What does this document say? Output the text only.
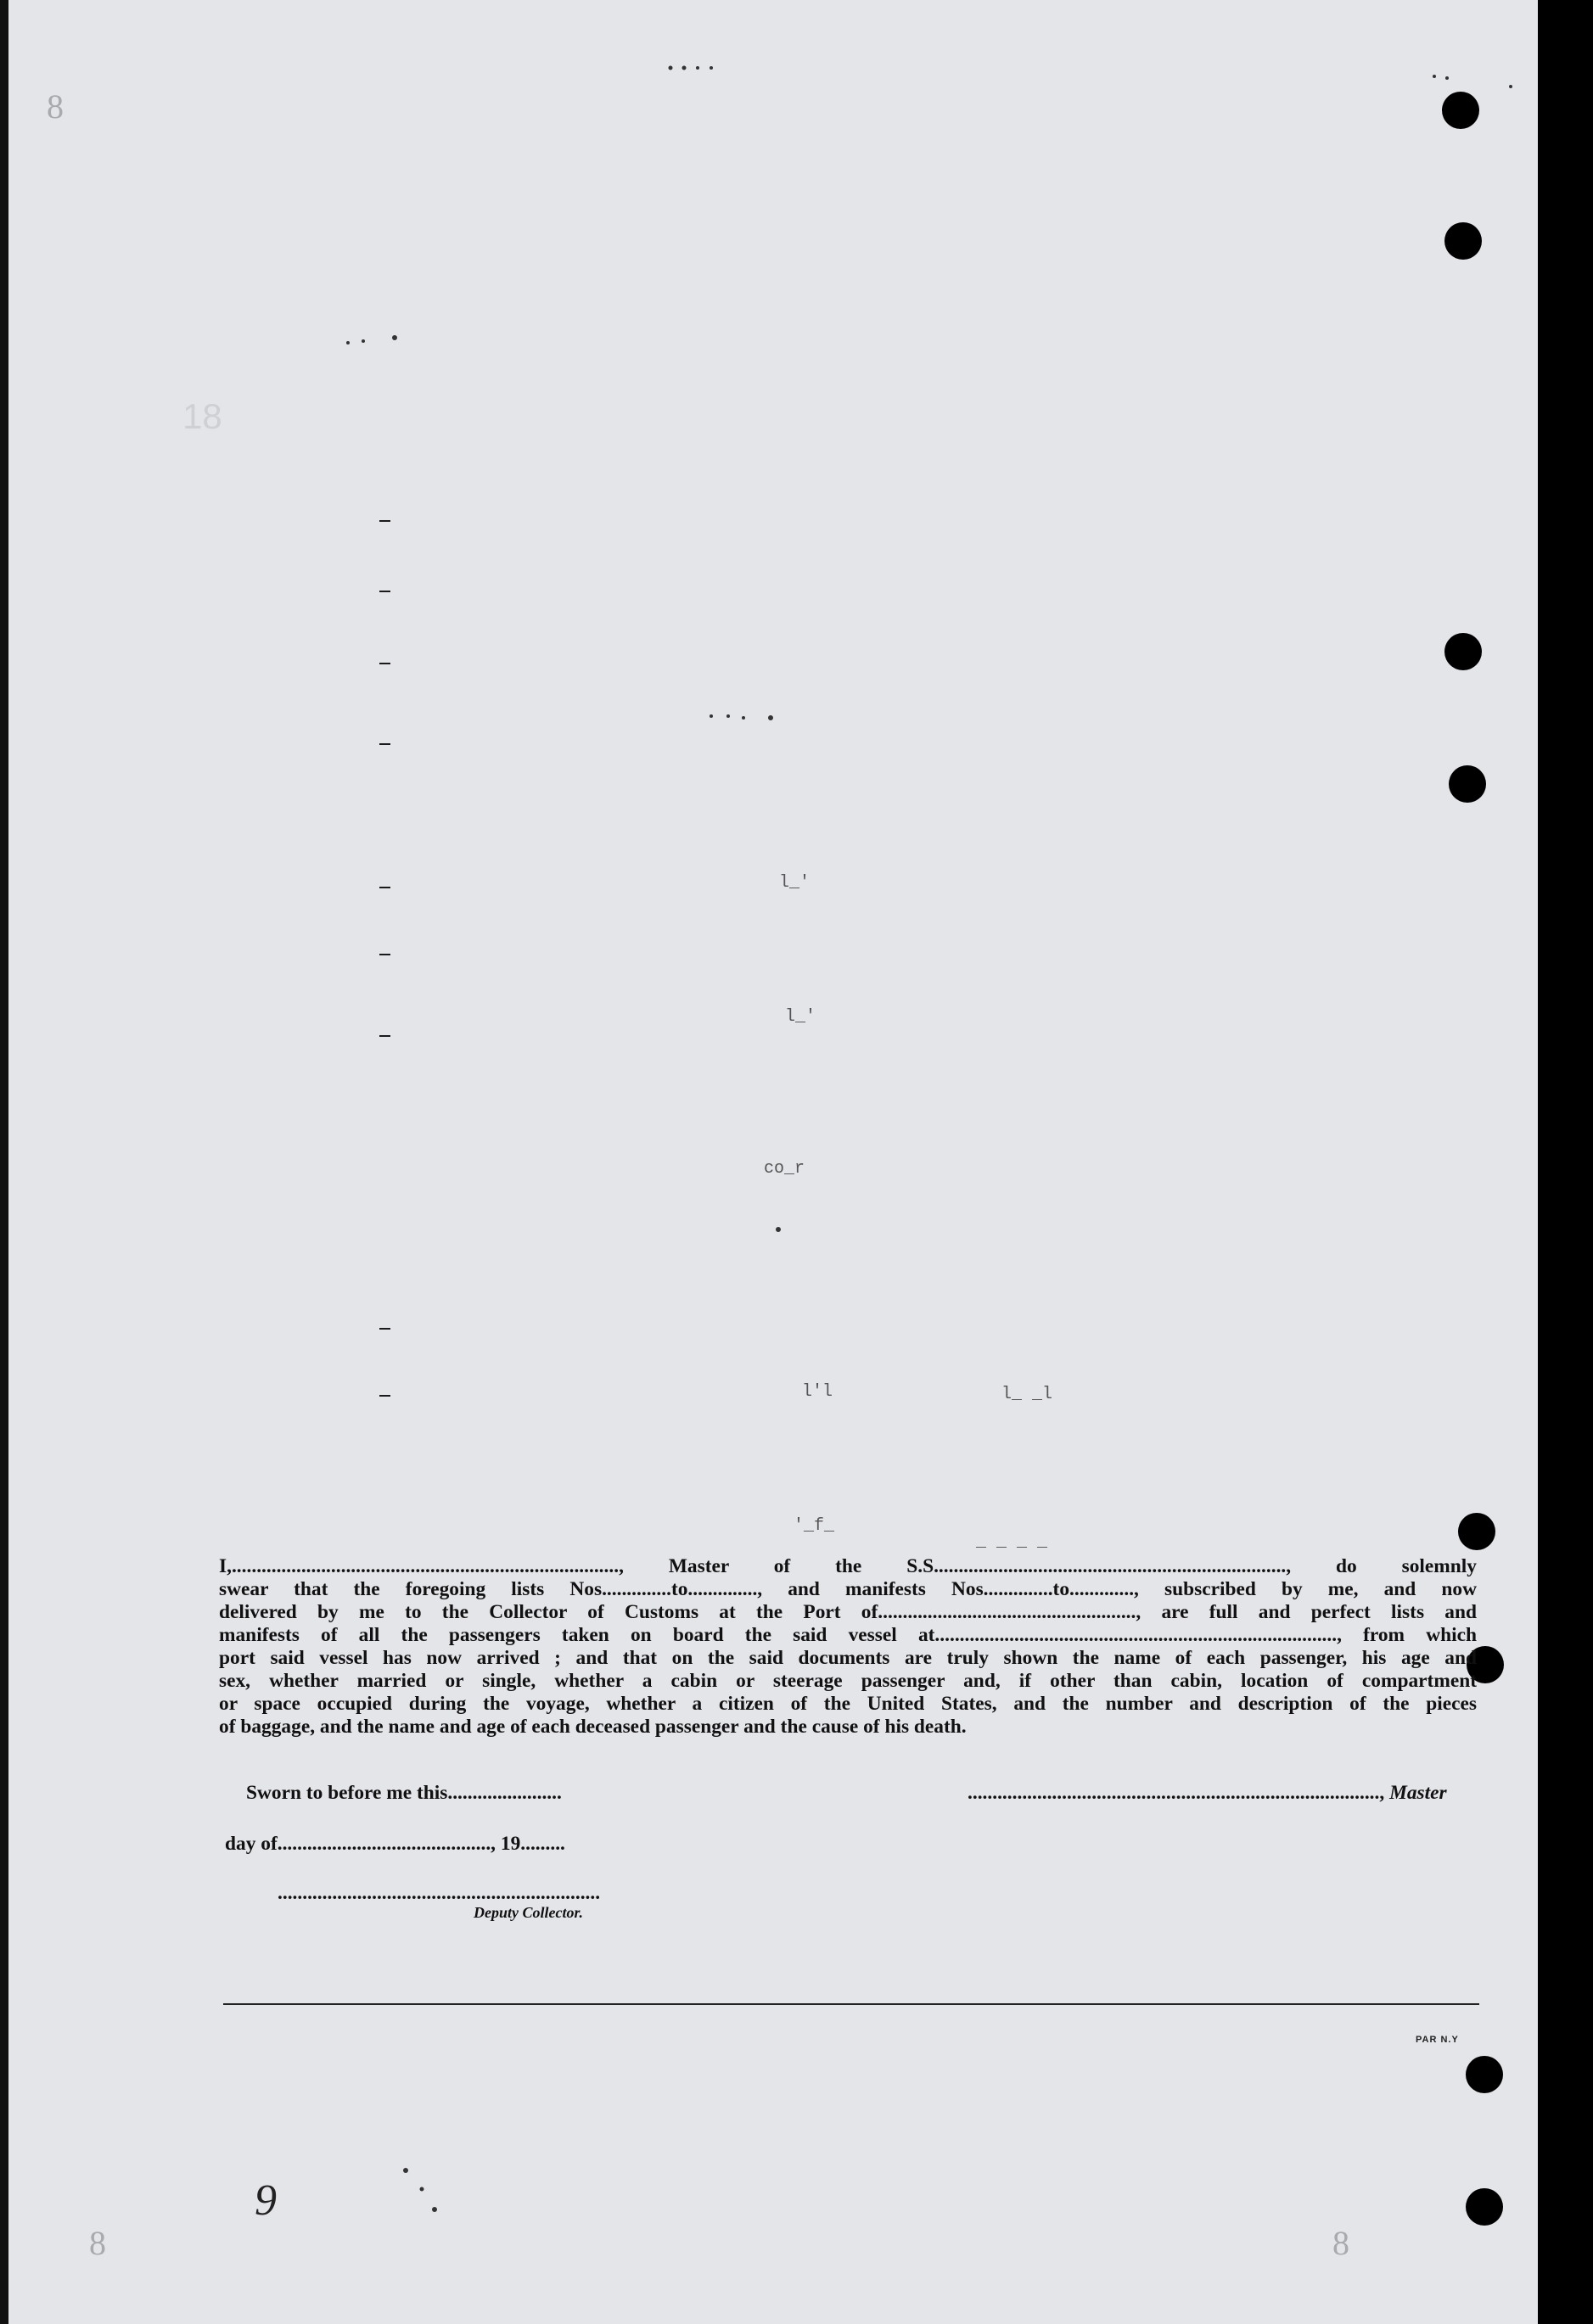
18
l_'
l_'
co_r
l'l	l_ _l
'_f_
_ _ _ _
9
I,.............................................................................., Master of the S.S......................................................................., do solemnly
swear that the foregoing lists Nos..............to.............., and manifests Nos..............to............., subscribed by me, and now
delivered by me to the Collector of Customs at the Port of...................................................., are full and perfect lists and
manifests of all the passengers taken on board the said vessel at................................................................................., from which
port said vessel has now arrived ; and that on the said documents are truly shown the name of each passenger, his age and
sex, whether married or single, whether a cabin or steerage passenger and, if other than cabin, location of compartment
or space occupied during the voyage, whether a citizen of the United States, and the number and description of the pieces
of baggage, and the name and age of each deceased passenger and the cause of his death.
Sworn to before me this.......................	..................................................................................., Master
day of..........................................., 19.........
.................................................................
Deputy Collector.
PAR N.Y
8
8	8
